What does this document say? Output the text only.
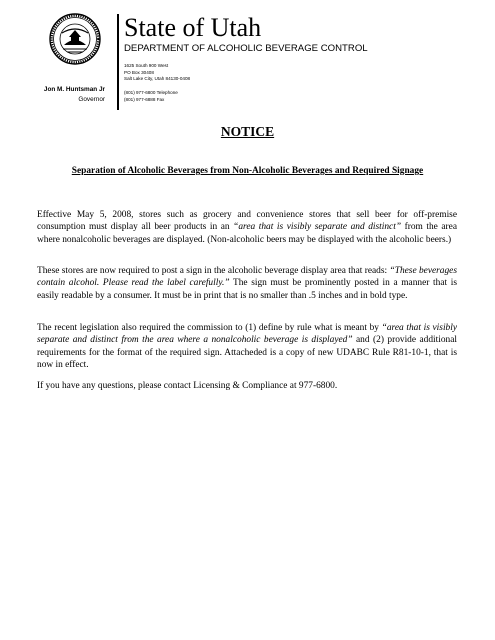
State of Utah
DEPARTMENT OF ALCOHOLIC BEVERAGE CONTROL
1625 South 900 West
PO Box 30408
Salt Lake City, Utah 84130-0408
(801) 977-6800 Telephone
(801) 977-6888 Fax
Jon M. Huntsman Jr
Governor
NOTICE
Separation of Alcoholic Beverages from Non-Alcoholic Beverages and Required Signage
Effective May 5, 2008, stores such as grocery and convenience stores that sell beer for off-premise consumption must display all beer products in an “area that is visibly separate and distinct” from the area where nonalcoholic beverages are displayed. (Non-alcoholic beers may be displayed with the alcoholic beers.)
These stores are now required to post a sign in the alcoholic beverage display area that reads: “These beverages contain alcohol. Please read the label carefully.” The sign must be prominently posted in a manner that is easily readable by a consumer. It must be in print that is no smaller than .5 inches and in bold type.
The recent legislation also required the commission to (1) define by rule what is meant by “area that is visibly separate and distinct from the area where a nonalcoholic beverage is displayed” and (2) provide additional requirements for the format of the required sign. Attacheded is a copy of new UDABC Rule R81-10-1, that is now in effect.
If you have any questions, please contact Licensing & Compliance at 977-6800.
